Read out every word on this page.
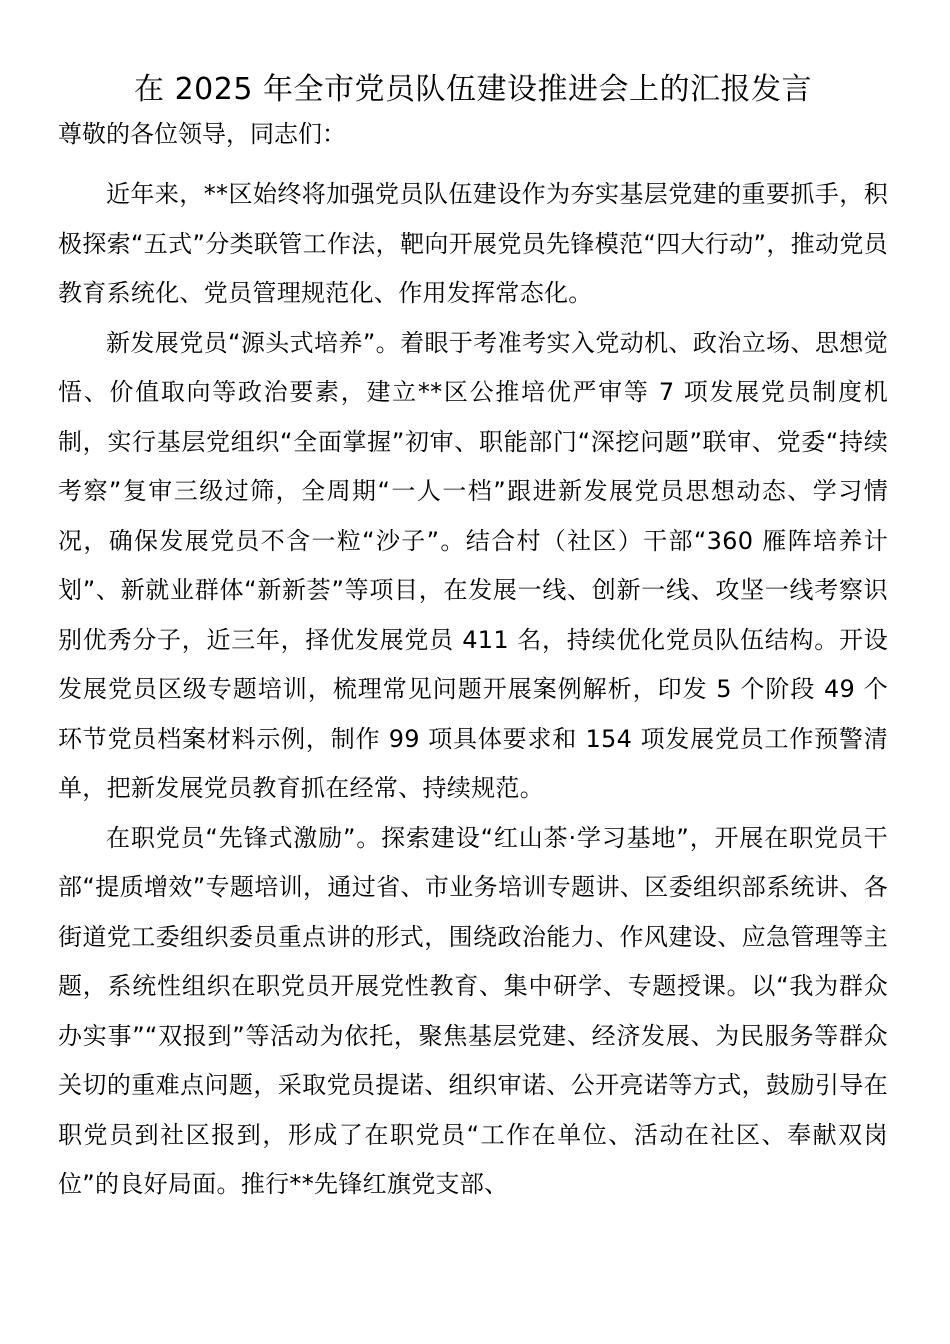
在 2025 年全市党员队伍建设推进会上的汇报发言

尊敬的各位领导，同志们：

近年来，**区始终将加强党员队伍建设作为夯实基层党建的重要抓手，积极探索“五式”分类联管工作法，靶向开展党员先锋模范“四大行动”，推动党员教育系统化、党员管理规范化、作用发挥常态化。

新发展党员“源头式培养”。着眼于考准考实入党动机、政治立场、思想觉悟、价值取向等政治要素，建立**区公推培优严审等 7 项发展党员制度机制，实行基层党组织“全面掌握”初审、职能部门“深挖问题”联审、党委“持续考察”复审三级过筛，全周期“一人一档”跟进新发展党员思想动态、学习情况，确保发展党员不含一粒“沙子”。结合村（社区）干部“360 雁阵培养计划”、新就业群体“新新荟”等项目，在发展一线、创新一线、攻坚一线考察识别优秀分子，近三年，择优发展党员 411 名，持续优化党员队伍结构。开设发展党员区级专题培训，梳理常见问题开展案例解析，印发 5 个阶段 49 个环节党员档案材料示例，制作 99 项具体要求和 154 项发展党员工作预警清单，把新发展党员教育抓在经常、持续规范。

在职党员“先锋式激励”。探索建设“红山茶·学习基地”，开展在职党员干部“提质增效”专题培训，通过省、市业务培训专题讲、区委组织部系统讲、各街道党工委组织委员重点讲的形式，围绕政治能力、作风建设、应急管理等主题，系统性组织在职党员开展党性教育、集中研学、专题授课。以“我为群众办实事”“双报到”等活动为依托，聚焦基层党建、经济发展、为民服务等群众关切的重难点问题，采取党员提诺、组织审诺、公开亮诺等方式，鼓励引导在职党员到社区报到，形成了在职党员“工作在单位、活动在社区、奉献双岗位”的良好局面。推行**先锋红旗党支部、
